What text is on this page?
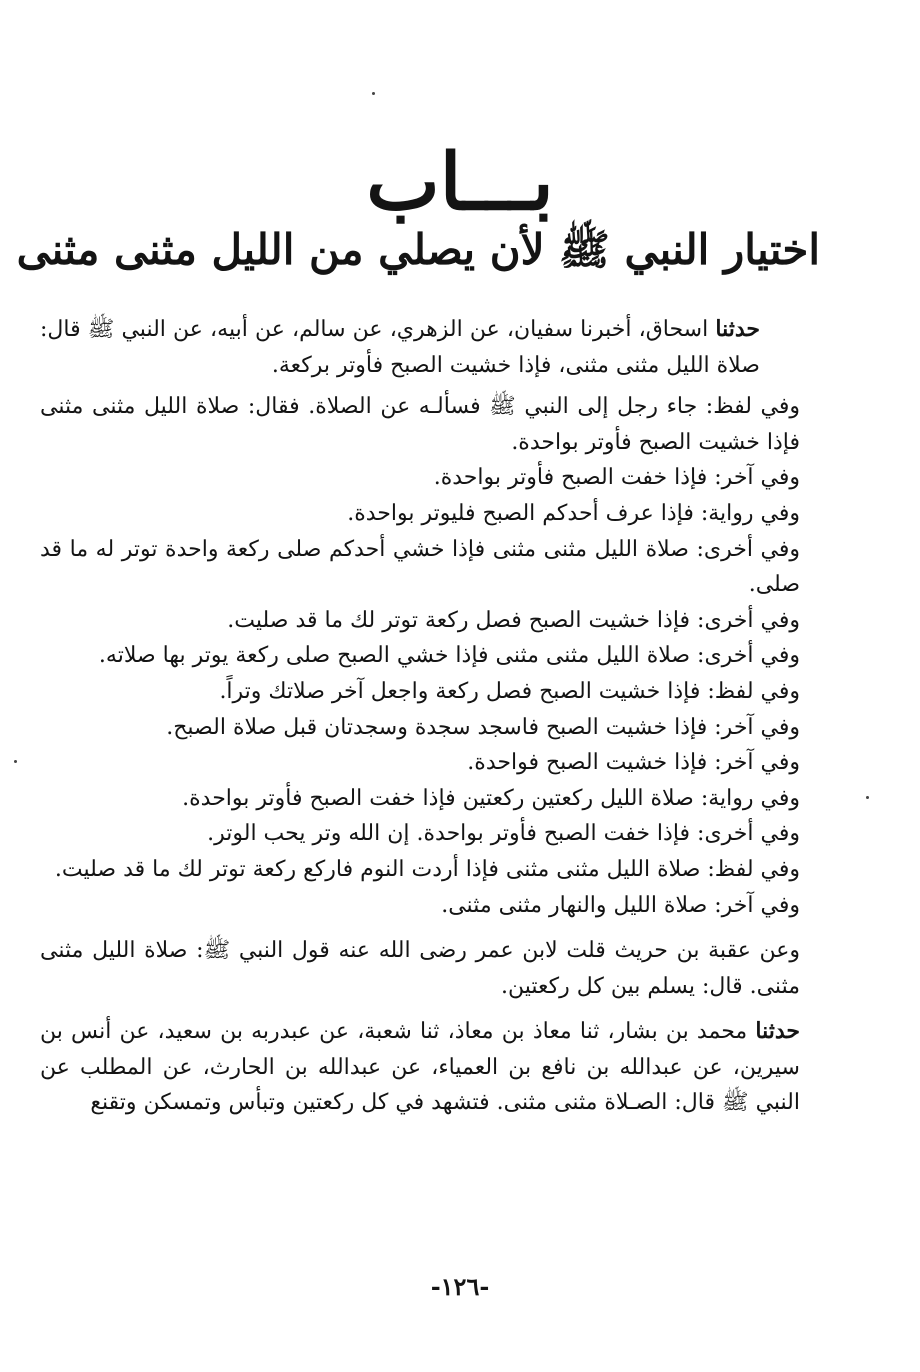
بـــاب
اختيار النبي ﷺ لأن يصلي من الليل مثنى مثنى

حدثنا اسحاق، أخبرنا سفيان، عن الزهري، عن سالم، عن أبيه، عن النبي ﷺ قال: صلاة الليل مثنى مثنى، فإذا خشيت الصبح فأوتر بركعة.

وفي لفظ: جاء رجل إلى النبي ﷺ فسألـه عن الصلاة. فقال: صلاة الليل مثنى مثنى فإذا خشيت الصبح فأوتر بواحدة.

وفي آخر: فإذا خفت الصبح فأوتر بواحدة.

وفي رواية: فإذا عرف أحدكم الصبح فليوتر بواحدة.

وفي أخرى: صلاة الليل مثنى مثنى فإذا خشي أحدكم صلى ركعة واحدة توتر له ما قد صلى.

وفي أخرى: فإذا خشيت الصبح فصل ركعة توتر لك ما قد صليت.

وفي أخرى: صلاة الليل مثنى مثنى فإذا خشي الصبح صلى ركعة يوتر بها صلاته.

وفي لفظ: فإذا خشيت الصبح فصل ركعة واجعل آخر صلاتك وتراً.

وفي آخر: فإذا خشيت الصبح فاسجد سجدة وسجدتان قبل صلاة الصبح.

وفي آخر: فإذا خشيت الصبح فواحدة.

وفي رواية: صلاة الليل ركعتين ركعتين فإذا خفت الصبح فأوتر بواحدة.

وفي أخرى: فإذا خفت الصبح فأوتر بواحدة. إن الله وتر يحب الوتر.

وفي لفظ: صلاة الليل مثنى مثنى فإذا أردت النوم فاركع ركعة توتر لك ما قد صليت.

وفي آخر: صلاة الليل والنهار مثنى مثنى.

وعن عقبة بن حريث قلت لابن عمر رضى الله عنه قول النبي ﷺ: صلاة الليل مثنى مثنى. قال: يسلم بين كل ركعتين.

حدثنا محمد بن بشار، ثنا معاذ بن معاذ، ثنا شعبة، عن عبدربه بن سعيد، عن أنس بن سيرين، عن عبدالله بن نافع بن العمياء، عن عبدالله بن الحارث، عن المطلب عن النبي ﷺ قال: الصـلاة مثنى مثنى. فتشهد في كل ركعتين وتبأس وتمسكن وتقنع

-١٢٦-
